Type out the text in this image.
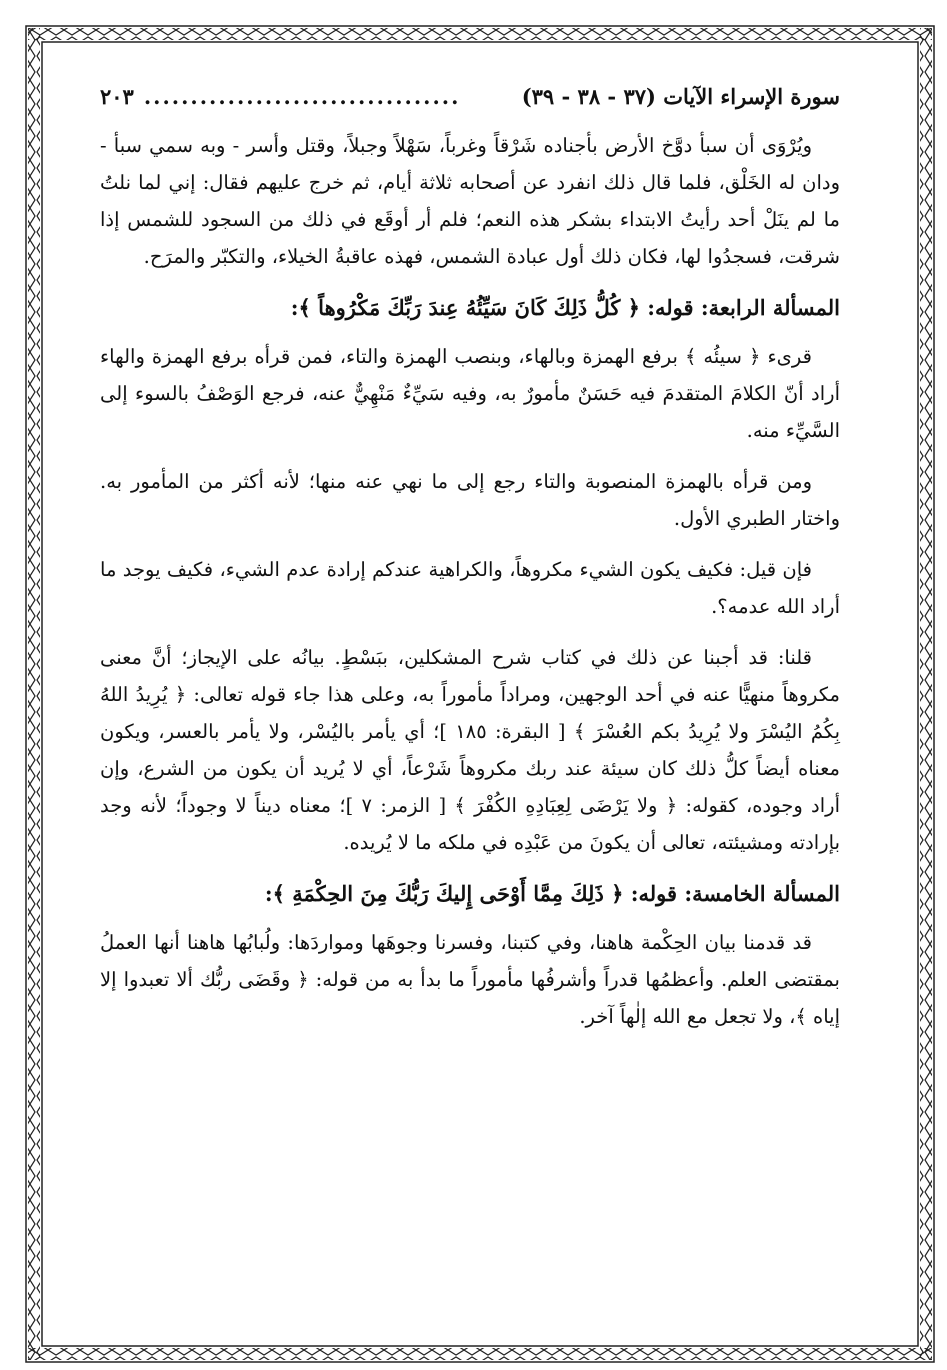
سورة الإسراء الآيات (٣٧ - ٣٨ - ٣٩)
..................................
٢٠٣

ويُرْوَى أن سبأ دوَّخ الأرض بأجناده شَرْقاً وغرباً، سَهْلاً وجبلاً، وقتل وأسر - وبه سمي سبأ - ودان له الخَلْق، فلما قال ذلك انفرد عن أصحابه ثلاثة أيام، ثم خرج عليهم فقال: إني لما نلتُ ما لم ينَلْ أحد رأيتُ الابتداء بشكر هذه النعم؛ فلم أر أوقَع في ذلك من السجود للشمس إذا شرقت، فسجدُوا لها، فكان ذلك أول عبادة الشمس، فهذه عاقبةُ الخيلاء، والتكبّر والمرَح.

المسألة الرابعة: قوله: ﴿ كُلُّ ذَلِكَ كَانَ سَيِّئُهُ عِندَ رَبِّكَ مَكْرُوهاً ﴾:

قرىء ﴿ سيئُه ﴾ برفع الهمزة وبالهاء، وبنصب الهمزة والتاء، فمن قرأه برفع الهمزة والهاء أراد أنّ الكلامَ المتقدمَ فيه حَسَنٌ مأمورٌ به، وفيه سَيِّءٌ مَنْهِيٌّ عنه، فرجع الوَصْفُ بالسوء إلى السَّيِّء منه.

ومن قرأه بالهمزة المنصوبة والتاء رجع إلى ما نهي عنه منها؛ لأنه أكثر من المأمور به. واختار الطبري الأول.

فإن قيل: فكيف يكون الشيء مكروهاً، والكراهية عندكم إرادة عدم الشيء، فكيف يوجد ما أراد الله عدمه؟.

قلنا: قد أجبنا عن ذلك في كتاب شرح المشكلين، ببَسْطٍ. بيانُه على الإيجاز؛ أنَّ معنى مكروهاً منهيًّا عنه في أحد الوجهين، ومراداً مأموراً به، وعلى هذا جاء قوله تعالى: ﴿ يُرِيدُ اللهُ بِكُمُ اليُسْرَ ولا يُرِيدُ بكم العُسْرَ ﴾ [ البقرة: ١٨٥ ]؛ أي يأمر باليُسْر، ولا يأمر بالعسر، ويكون معناه أيضاً كلُّ ذلك كان سيئة عند ربك مكروهاً شَرْعاً، أي لا يُريد أن يكون من الشرع، وإن أراد وجوده، كقوله: ﴿ ولا يَرْضَى لِعِبَادِهِ الكُفْرَ ﴾ [ الزمر: ٧ ]؛ معناه ديناً لا وجوداً؛ لأنه وجد بإرادته ومشيئته، تعالى أن يكونَ من عَبْدِه في ملكه ما لا يُريده.

المسألة الخامسة: قوله: ﴿ ذَلِكَ مِمَّا أَوْحَى إِليكَ رَبُّكَ مِنَ الحِكْمَةِ ﴾:

قد قدمنا بيان الحِكْمة هاهنا، وفي كتبنا، وفسرنا وجوهَها ومواردَها: ولُبابُها هاهنا أنها العملُ بمقتضى العلم. وأعظمُها قدراً وأشرفُها مأموراً ما بدأ به من قوله: ﴿ وقَضَى ربُّك ألا تعبدوا إلا إياه ﴾، ولا تجعل مع الله إلٰهاً آخر.
